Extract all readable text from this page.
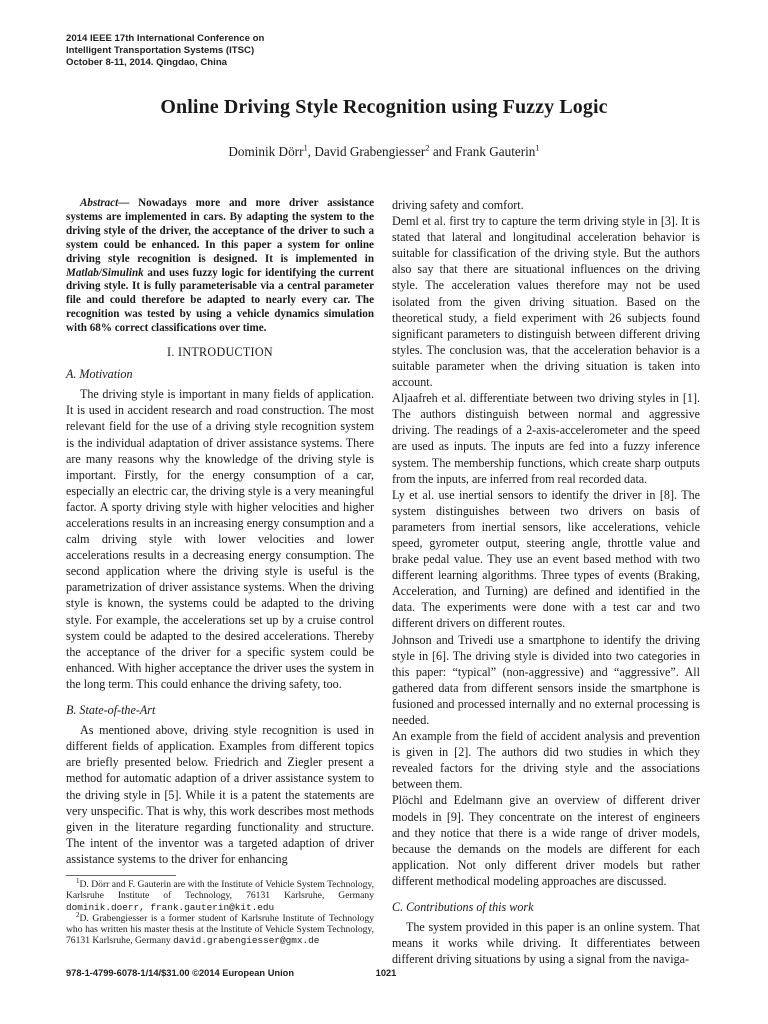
2014 IEEE 17th International Conference on
Intelligent Transportation Systems (ITSC)
October 8-11, 2014. Qingdao, China
Online Driving Style Recognition using Fuzzy Logic
Dominik Dörr$^1$, David Grabengiesser$^2$ and Frank Gauterin$^1$

Abstract— Nowadays more and more driver assistance systems are implemented in cars. By adapting the system to the driving style of the driver, the acceptance of the driver to such a system could be enhanced. In this paper a system for online driving style recognition is designed. It is implemented in Matlab/Simulink and uses fuzzy logic for identifying the current driving style. It is fully parameterisable via a central parameter file and could therefore be adapted to nearly every car. The recognition was tested by using a vehicle dynamics simulation with 68% correct classifications over time.

I. INTRODUCTION
A. Motivation

The driving style is important in many fields of application. It is used in accident research and road construction. The most relevant field for the use of a driving style recognition system is the individual adaptation of driver assistance systems. There are many reasons why the knowledge of the driving style is important. Firstly, for the energy consumption of a car, especially an electric car, the driving style is a very meaningful factor. A sporty driving style with higher velocities and higher accelerations results in an increasing energy consumption and a calm driving style with lower velocities and lower accelerations results in a decreasing energy consumption. The second application where the driving style is useful is the parametrization of driver assistance systems. When the driving style is known, the systems could be adapted to the driving style. For example, the accelerations set up by a cruise control system could be adapted to the desired accelerations. Thereby the acceptance of the driver for a specific system could be enhanced. With higher acceptance the driver uses the system in the long term. This could enhance the driving safety, too.

B. State-of-the-Art

As mentioned above, driving style recognition is used in different fields of application. Examples from different topics are briefly presented below. Friedrich and Ziegler present a method for automatic adaption of a driver assistance system to the driving style in [5]. While it is a patent the statements are very unspecific. That is why, this work describes most methods given in the literature regarding functionality and structure. The intent of the inventor was a targeted adaption of driver assistance systems to the driver for enhancing

$^1$D. Dörr and F. Gauterin are with the Institute of Vehicle System Technology, Karlsruhe Institute of Technology, 76131 Karlsruhe, Germany dominik.doerr, frank.gauterin@kit.edu

$^2$D. Grabengiesser is a former student of Karlsruhe Institute of Technology who has written his master thesis at the Institute of Vehicle System Technology, 76131 Karlsruhe, Germany david.grabengiesser@gmx.de

driving safety and comfort.

Deml et al. first try to capture the term driving style in [3]. It is stated that lateral and longitudinal acceleration behavior is suitable for classification of the driving style. But the authors also say that there are situational influences on the driving style. The acceleration values therefore may not be used isolated from the given driving situation. Based on the theoretical study, a field experiment with 26 subjects found significant parameters to distinguish between different driving styles. The conclusion was, that the acceleration behavior is a suitable parameter when the driving situation is taken into account.

Aljaafreh et al. differentiate between two driving styles in [1]. The authors distinguish between normal and aggressive driving. The readings of a 2-axis-accelerometer and the speed are used as inputs. The inputs are fed into a fuzzy inference system. The membership functions, which create sharp outputs from the inputs, are inferred from real recorded data.

Ly et al. use inertial sensors to identify the driver in [8]. The system distinguishes between two drivers on basis of parameters from inertial sensors, like accelerations, vehicle speed, gyrometer output, steering angle, throttle value and brake pedal value. They use an event based method with two different learning algorithms. Three types of events (Braking, Acceleration, and Turning) are defined and identified in the data. The experiments were done with a test car and two different drivers on different routes.

Johnson and Trivedi use a smartphone to identify the driving style in [6]. The driving style is divided into two categories in this paper: “typical” (non-aggressive) and “aggressive”. All gathered data from different sensors inside the smartphone is fusioned and processed internally and no external processing is needed.

An example from the field of accident analysis and prevention is given in [2]. The authors did two studies in which they revealed factors for the driving style and the associations between them.

Plöchl and Edelmann give an overview of different driver models in [9]. They concentrate on the interest of engineers and they notice that there is a wide range of driver models, because the demands on the models are different for each application. Not only different driver models but rather different methodical modeling approaches are discussed.

C. Contributions of this work

The system provided in this paper is an online system. That means it works while driving. It differentiates between different driving situations by using a signal from the naviga-

978-1-4799-6078-1/14/$31.00 ©2014 European Union	1021
